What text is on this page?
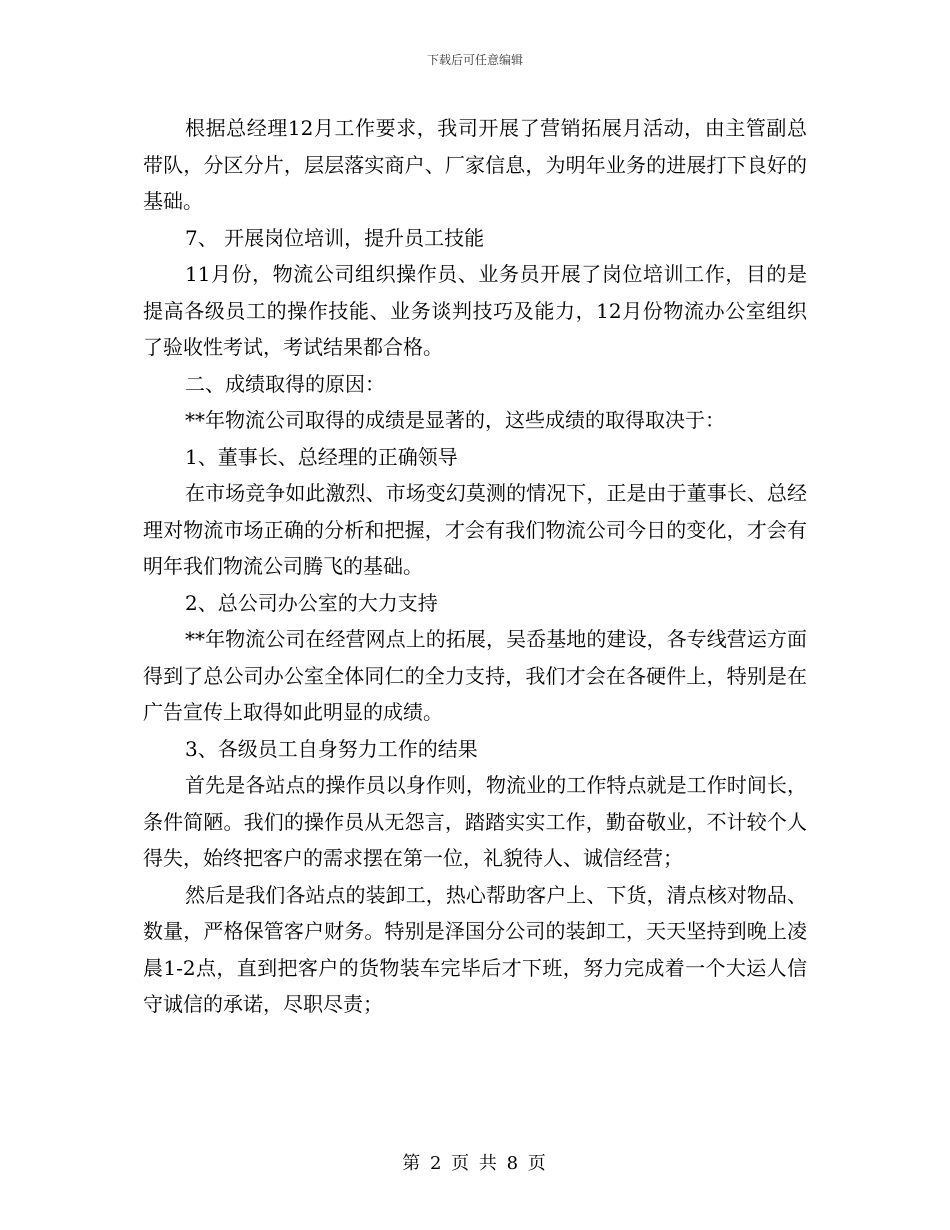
下载后可任意编辑

根据总经理12月工作要求，我司开展了营销拓展月活动，由主管副总带队，分区分片，层层落实商户、厂家信息，为明年业务的进展打下良好的基础。

7、 开展岗位培训，提升员工技能

11月份，物流公司组织操作员、业务员开展了岗位培训工作，目的是提高各级员工的操作技能、业务谈判技巧及能力，12月份物流办公室组织了验收性考试，考试结果都合格。

二、成绩取得的原因：

**年物流公司取得的成绩是显著的，这些成绩的取得取决于：

1、董事长、总经理的正确领导

在市场竞争如此激烈、市场变幻莫测的情况下，正是由于董事长、总经理对物流市场正确的分析和把握，才会有我们物流公司今日的变化，才会有明年我们物流公司腾飞的基础。

2、总公司办公室的大力支持

**年物流公司在经营网点上的拓展，吴岙基地的建设，各专线营运方面得到了总公司办公室全体同仁的全力支持，我们才会在各硬件上，特别是在广告宣传上取得如此明显的成绩。

3、各级员工自身努力工作的结果

首先是各站点的操作员以身作则，物流业的工作特点就是工作时间长，条件简陋。我们的操作员从无怨言，踏踏实实工作，勤奋敬业，不计较个人得失，始终把客户的需求摆在第一位，礼貌待人、诚信经营；

然后是我们各站点的装卸工，热心帮助客户上、下货，清点核对物品、数量，严格保管客户财务。特别是泽国分公司的装卸工，天天坚持到晚上凌晨1-2点，直到把客户的货物装车完毕后才下班，努力完成着一个大运人信守诚信的承诺，尽职尽责；

第 2 页 共 8 页
